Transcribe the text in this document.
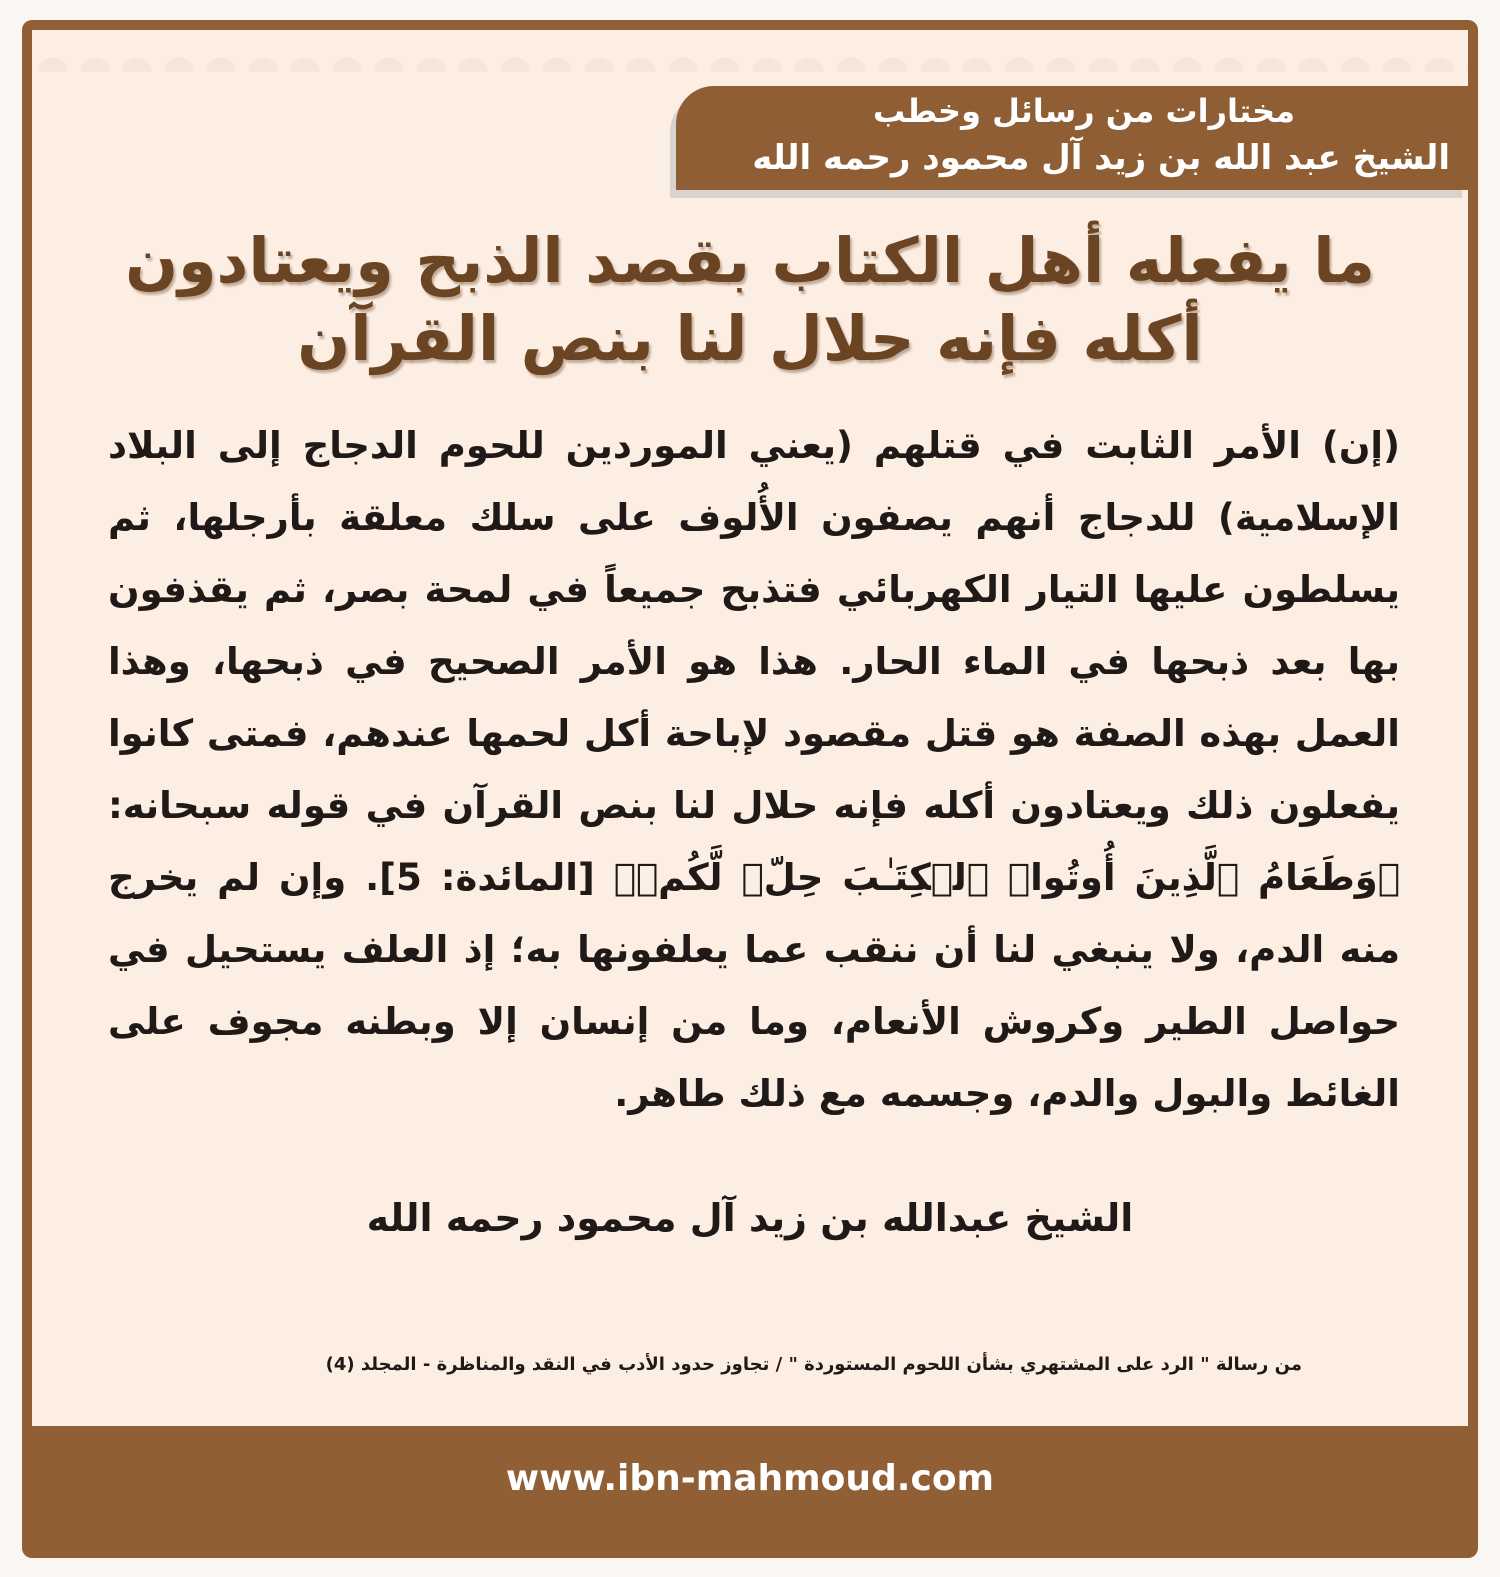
مختارات من رسائل وخطب
الشيخ عبد الله بن زيد آل محمود رحمه الله
ما يفعله أهل الكتاب بقصد الذبح ويعتادون أكله فإنه حلال لنا بنص القرآن
(إن) الأمر الثابت في قتلهم (يعني الموردين للحوم الدجاج إلى البلاد الإسلامية) للدجاج أنهم يصفون الأُلوف على سلك معلقة بأرجلها، ثم يسلطون عليها التيار الكهربائي فتذبح جميعاً في لمحة بصر، ثم يقذفون بها بعد ذبحها في الماء الحار. هذا هو الأمر الصحيح في ذبحها، وهذا العمل بهذه الصفة هو قتل مقصود لإباحة أكل لحمها عندهم، فمتى كانوا يفعلون ذلك ويعتادون أكله فإنه حلال لنا بنص القرآن في قوله سبحانه: ﴿وَطَعَامُ ٱلَّذِينَ أُوتُوا۟ ٱلۡكِتَـٰبَ حِلࣱّ لَّكُمۡ﴾ [المائدة: 5]. وإن لم يخرج منه الدم، ولا ينبغي لنا أن ننقب عما يعلفونها به؛ إذ العلف يستحيل في حواصل الطير وكروش الأنعام، وما من إنسان إلا وبطنه مجوف على الغائط والبول والدم، وجسمه مع ذلك طاهر.
الشيخ عبدالله بن زيد آل محمود رحمه الله
من رسالة " الرد على المشتهري بشأن اللحوم المستوردة " / تجاوز حدود الأدب في النقد والمناظرة - المجلد (4)
www.ibn-mahmoud.com
